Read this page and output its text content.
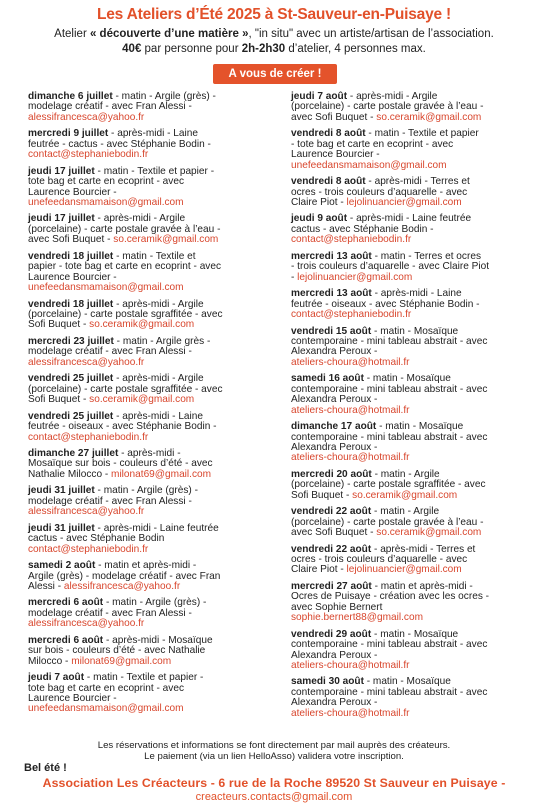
Les Ateliers d’Été 2025 à St-Sauveur-en-Puisaye !
Atelier « découverte d’une matière », "in situ" avec un artiste/artisan de l’association.
40€ par personne pour 2h-2h30 d’atelier, 4 personnes max.
A vous de créer !
dimanche 6 juillet - matin - Argile (grès) -
modelage créatif - avec Fran Alessi -
alessifrancesca@yahoo.fr
mercredi 9 juillet - après-midi - Laine
feutrée - cactus - avec Stéphanie Bodin -
contact@stephaniebodin.fr
jeudi 17 juillet - matin - Textile et papier -
tote bag et carte en ecoprint - avec
Laurence Bourcier -
unefeedansmamaison@gmail.com
jeudi 17 juillet - après-midi - Argile
(porcelaine) - carte postale gravée à l’eau -
avec Sofi Buquet - so.ceramik@gmail.com
vendredi 18 juillet - matin - Textile et
papier - tote bag et carte en ecoprint - avec
Laurence Bourcier -
unefeedansmamaison@gmail.com
vendredi 18 juillet - après-midi - Argile
(porcelaine) - carte postale sgraffitée - avec
Sofi Buquet - so.ceramik@gmail.com
mercredi 23 juillet - matin - Argile grès -
modelage créatif - avec Fran Alessi -
alessifrancesca@yahoo.fr
vendredi 25 juillet - après-midi - Argile
(porcelaine) - carte postale sgraffitée - avec
Sofi Buquet - so.ceramik@gmail.com
vendredi 25 juillet - après-midi - Laine
feutrée - oiseaux - avec Stéphanie Bodin -
contact@stephaniebodin.fr
dimanche 27 juillet - après-midi -
Mosaïque sur bois - couleurs d’été - avec
Nathalie Milocco - milonat69@gmail.com
jeudi 31 juillet - matin - Argile (grès) -
modelage créatif - avec Fran Alessi -
alessifrancesca@yahoo.fr
jeudi 31 juillet - après-midi - Laine feutrée
cactus - avec Stéphanie Bodin
contact@stephaniebodin.fr
samedi 2 août - matin et après-midi -
Argile (grès) - modelage créatif - avec Fran
Alessi - alessifrancesca@yahoo.fr
mercredi 6 août - matin - Argile (grès) -
modelage créatif - avec Fran Alessi -
alessifrancesca@yahoo.fr
mercredi 6 août - après-midi - Mosaïque
sur bois - couleurs d’été - avec Nathalie
Milocco - milonat69@gmail.com
jeudi 7 août - matin - Textile et papier -
tote bag et carte en ecoprint - avec
Laurence Bourcier -
unefeedansmamaison@gmail.com
jeudi 7 août - après-midi - Argile
(porcelaine) - carte postale gravée à l’eau -
avec Sofi Buquet - so.ceramik@gmail.com
vendredi 8 août - matin - Textile et papier
- tote bag et carte en ecoprint - avec
Laurence Bourcier -
unefeedansmamaison@gmail.com
vendredi 8 août - après-midi - Terres et
ocres - trois couleurs d’aquarelle - avec
Claire Piot - lejolinuancier@gmail.com
jeudi 9 août - après-midi - Laine feutrée
cactus - avec Stéphanie Bodin -
contact@stephaniebodin.fr
mercredi 13 août - matin - Terres et ocres
- trois couleurs d’aquarelle - avec Claire Piot
- lejolinuancier@gmail.com
mercredi 13 août - après-midi - Laine
feutrée - oiseaux - avec Stéphanie Bodin -
contact@stephaniebodin.fr
vendredi 15 août - matin - Mosaïque
contemporaine - mini tableau abstrait - avec
Alexandra Peroux -
ateliers-choura@hotmail.fr
samedi 16 août - matin - Mosaïque
contemporaine - mini tableau abstrait - avec
Alexandra Peroux -
ateliers-choura@hotmail.fr
dimanche 17 août - matin - Mosaïque
contemporaine - mini tableau abstrait - avec
Alexandra Peroux -
ateliers-choura@hotmail.fr
mercredi 20 août - matin - Argile
(porcelaine) - carte postale sgraffitée - avec
Sofi Buquet - so.ceramik@gmail.com
vendredi 22 août - matin - Argile
(porcelaine) - carte postale gravée à l’eau -
avec Sofi Buquet - so.ceramik@gmail.com
vendredi 22 août - après-midi - Terres et
ocres - trois couleurs d’aquarelle - avec
Claire Piot - lejolinuancier@gmail.com
mercredi 27 août - matin et après-midi -
Ocres de Puisaye - création avec les ocres -
avec Sophie Bernert
sophie.bernert88@gmail.com
vendredi 29 août - matin - Mosaïque
contemporaine - mini tableau abstrait - avec
Alexandra Peroux -
ateliers-choura@hotmail.fr
samedi 30 août - matin - Mosaïque
contemporaine - mini tableau abstrait - avec
Alexandra Peroux -
ateliers-choura@hotmail.fr
Les réservations et informations se font directement par mail auprès des créateurs.
Le paiement (via un lien HelloAsso) validera votre inscription.
Bel été !
Association Les Créacteurs - 6 rue de la Roche 89520 St Sauveur en Puisaye -
creacteurs.contacts@gmail.com
